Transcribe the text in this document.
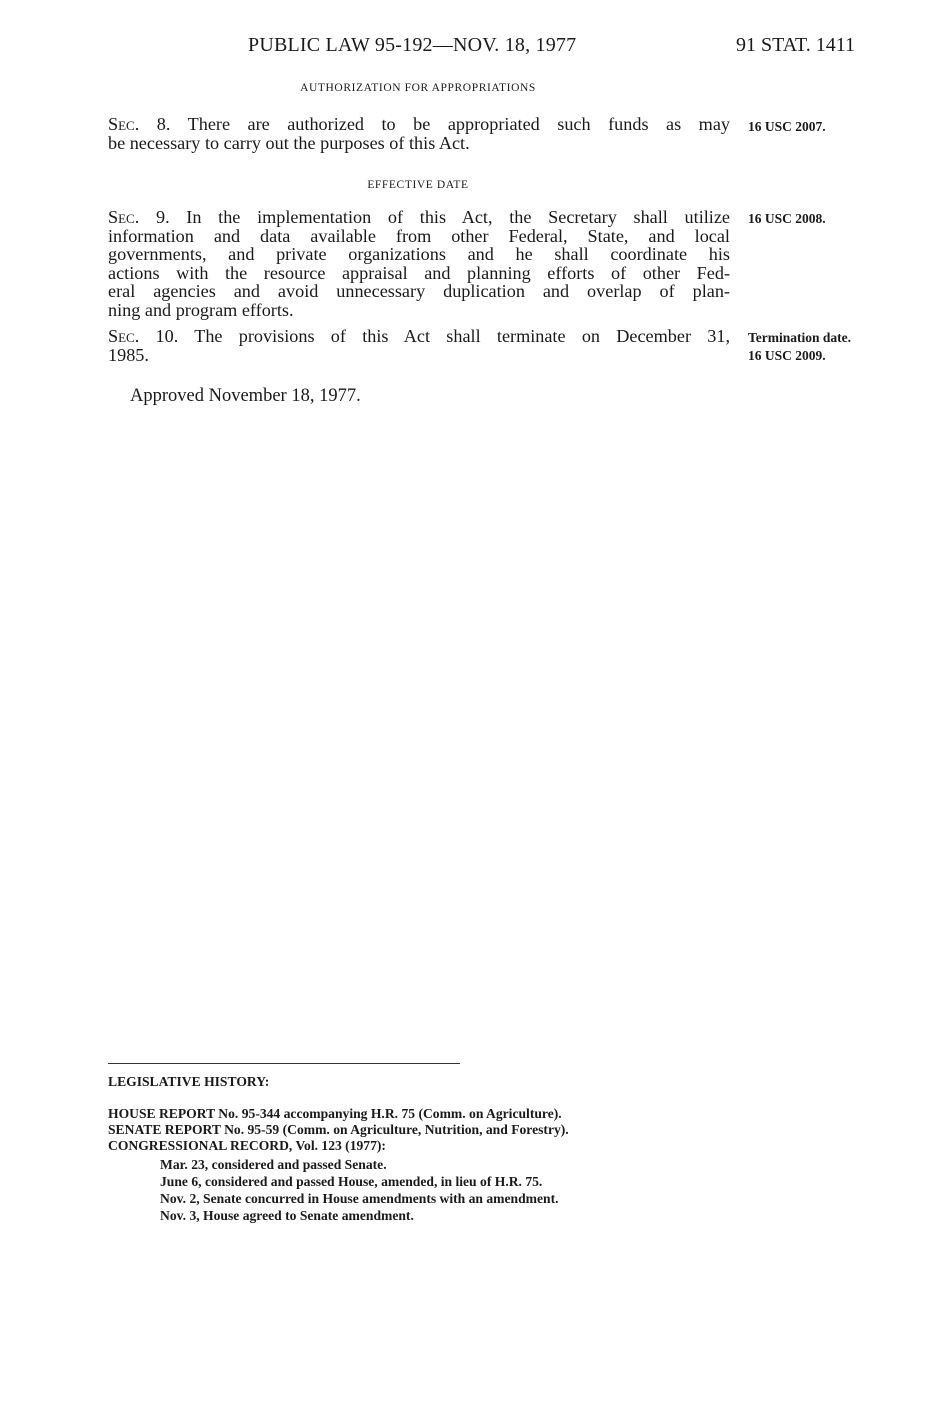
PUBLIC LAW 95-192—NOV. 18, 1977	91 STAT. 1411
AUTHORIZATION FOR APPROPRIATIONS
Sec. 8. There are authorized to be appropriated such funds as may
be necessary to carry out the purposes of this Act.
16 USC 2007.
EFFECTIVE DATE
Sec. 9. In the implementation of this Act, the Secretary shall utilize
information and data available from other Federal, State, and local
governments, and private organizations and he shall coordinate his
actions with the resource appraisal and planning efforts of other Fed-
eral agencies and avoid unnecessary duplication and overlap of plan-
ning and program efforts.
16 USC 2008.
Sec. 10. The provisions of this Act shall terminate on December 31,
1985.
Termination date.
16 USC 2009.
Approved November 18, 1977.
LEGISLATIVE HISTORY:
HOUSE REPORT No. 95-344 accompanying H.R. 75 (Comm. on Agriculture).
SENATE REPORT No. 95-59 (Comm. on Agriculture, Nutrition, and Forestry).
CONGRESSIONAL RECORD, Vol. 123 (1977):
Mar. 23, considered and passed Senate.
June 6, considered and passed House, amended, in lieu of H.R. 75.
Nov. 2, Senate concurred in House amendments with an amendment.
Nov. 3, House agreed to Senate amendment.
